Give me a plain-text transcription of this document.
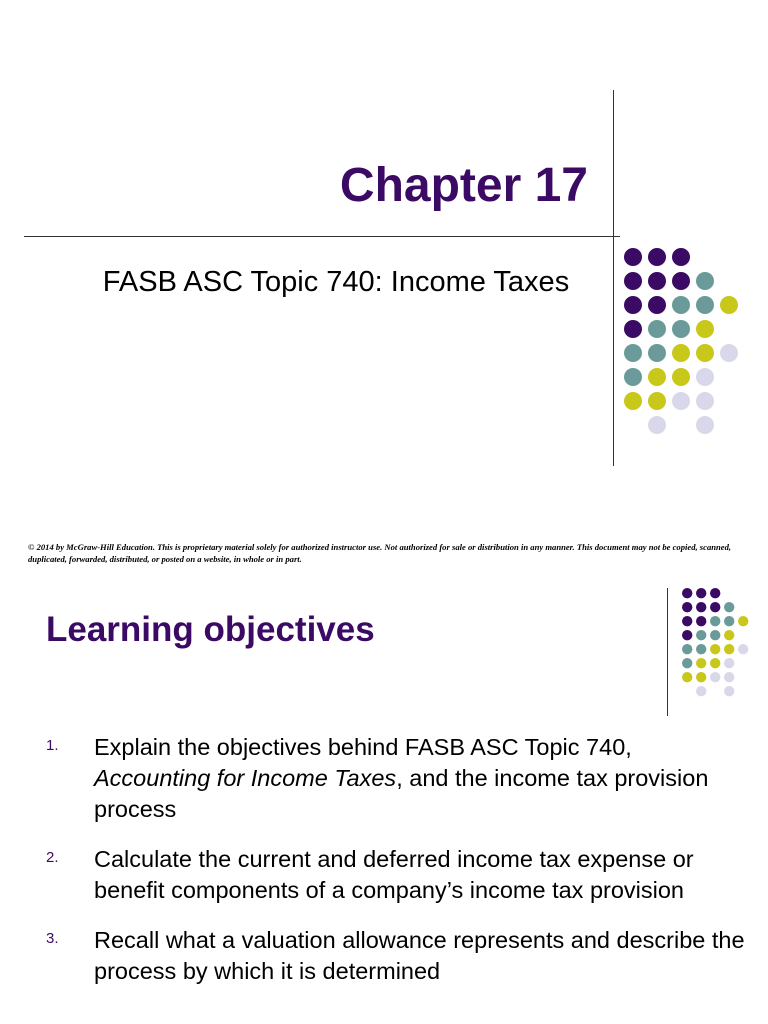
Chapter 17
FASB ASC Topic 740: Income Taxes
© 2014 by McGraw-Hill Education. This is proprietary material solely for authorized instructor use. Not authorized for sale or distribution in any manner. This document may not be copied, scanned, duplicated, forwarded, distributed, or posted on a website, in whole or in part.
Learning objectives
1. Explain the objectives behind FASB ASC Topic 740, Accounting for Income Taxes, and the income tax provision process
2. Calculate the current and deferred income tax expense or benefit components of a company’s income tax provision
3. Recall what a valuation allowance represents and describe the process by which it is determined
